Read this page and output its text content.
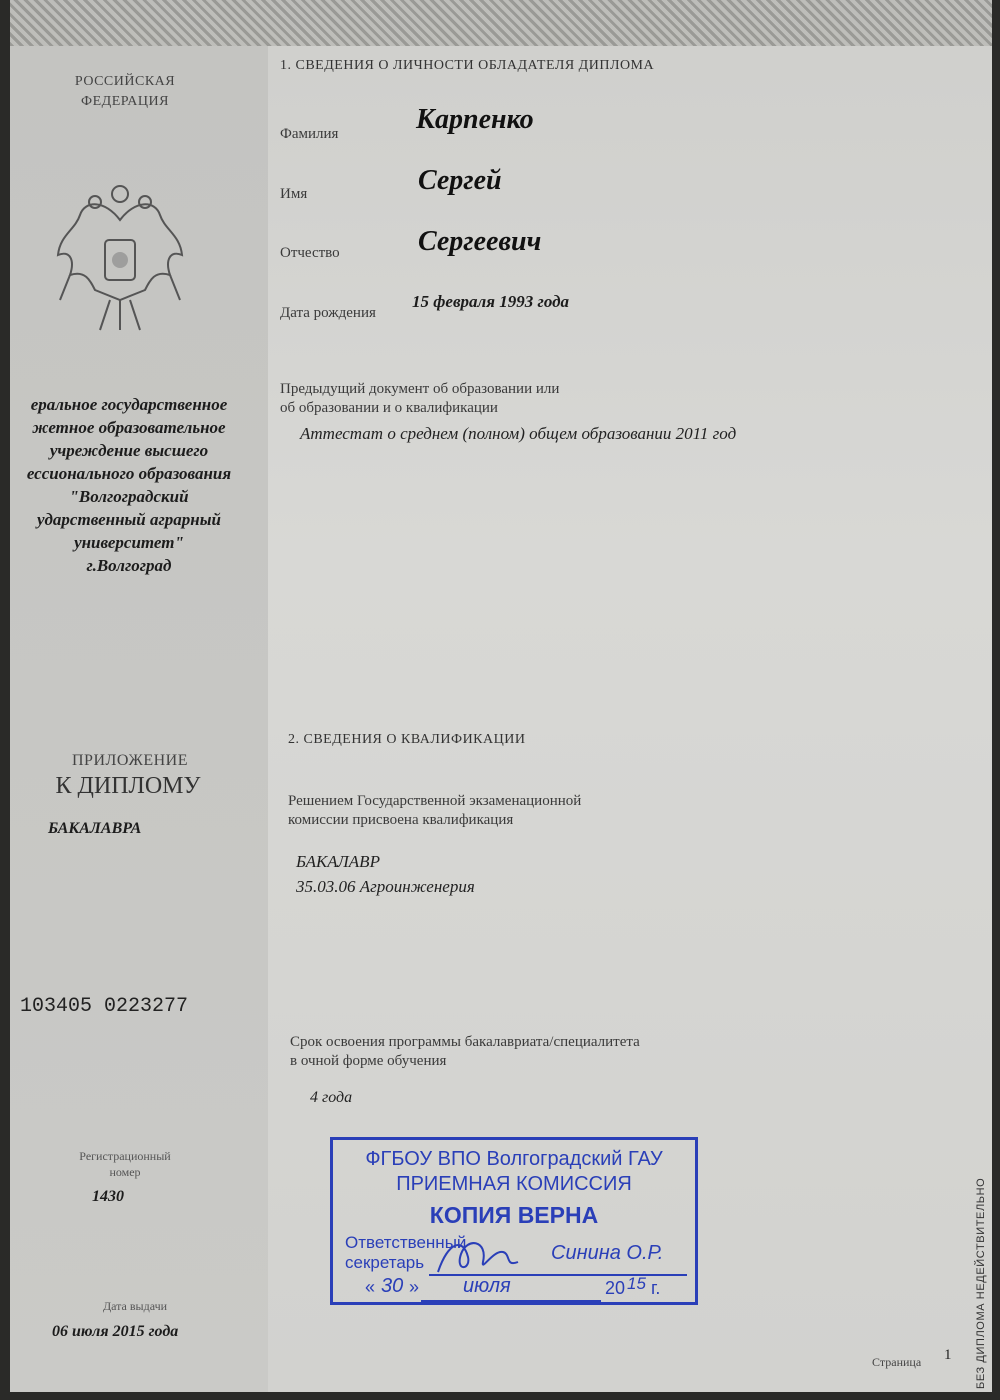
РОССИЙСКАЯ
ФЕДЕРАЦИЯ
еральное государственное
жетное образовательное
учреждение высшего
ессионального образования
"Волгоградский
ударственный аграрный
университет"
г.Волгоград
ПРИЛОЖЕНИЕ
К ДИПЛОМУ
БАКАЛАВРА
103405 0223277
Регистрационный
номер
1430
Дата выдачи
06 июля 2015 года
1. СВЕДЕНИЯ О ЛИЧНОСТИ ОБЛАДАТЕЛЯ ДИПЛОМА
Фамилия	Карпенко
Имя	Сергей
Отчество	Сергеевич
Дата рождения
15 февраля 1993 года
Предыдущий документ об образовании или
об образовании и о квалификации
Аттестат о среднем (полном) общем образовании 2011 год
2. СВЕДЕНИЯ О КВАЛИФИКАЦИИ
Решением Государственной экзаменационной
комиссии присвоена квалификация
БАКАЛАВР
35.03.06 Агроинженерия
Срок освоения программы бакалавриата/специалитета
в очной форме обучения
4 года
ФГБОУ ВПО Волгоградский ГАУ
ПРИЕМНАЯ КОМИССИЯ
КОПИЯ ВЕРНА
Ответственный
секретарь	Синина О.Р.
« 30 » июля	20 15 г.
Страница 1 БЕЗ ДИПЛОМА НЕДЕЙСТВИТЕЛЬНО
